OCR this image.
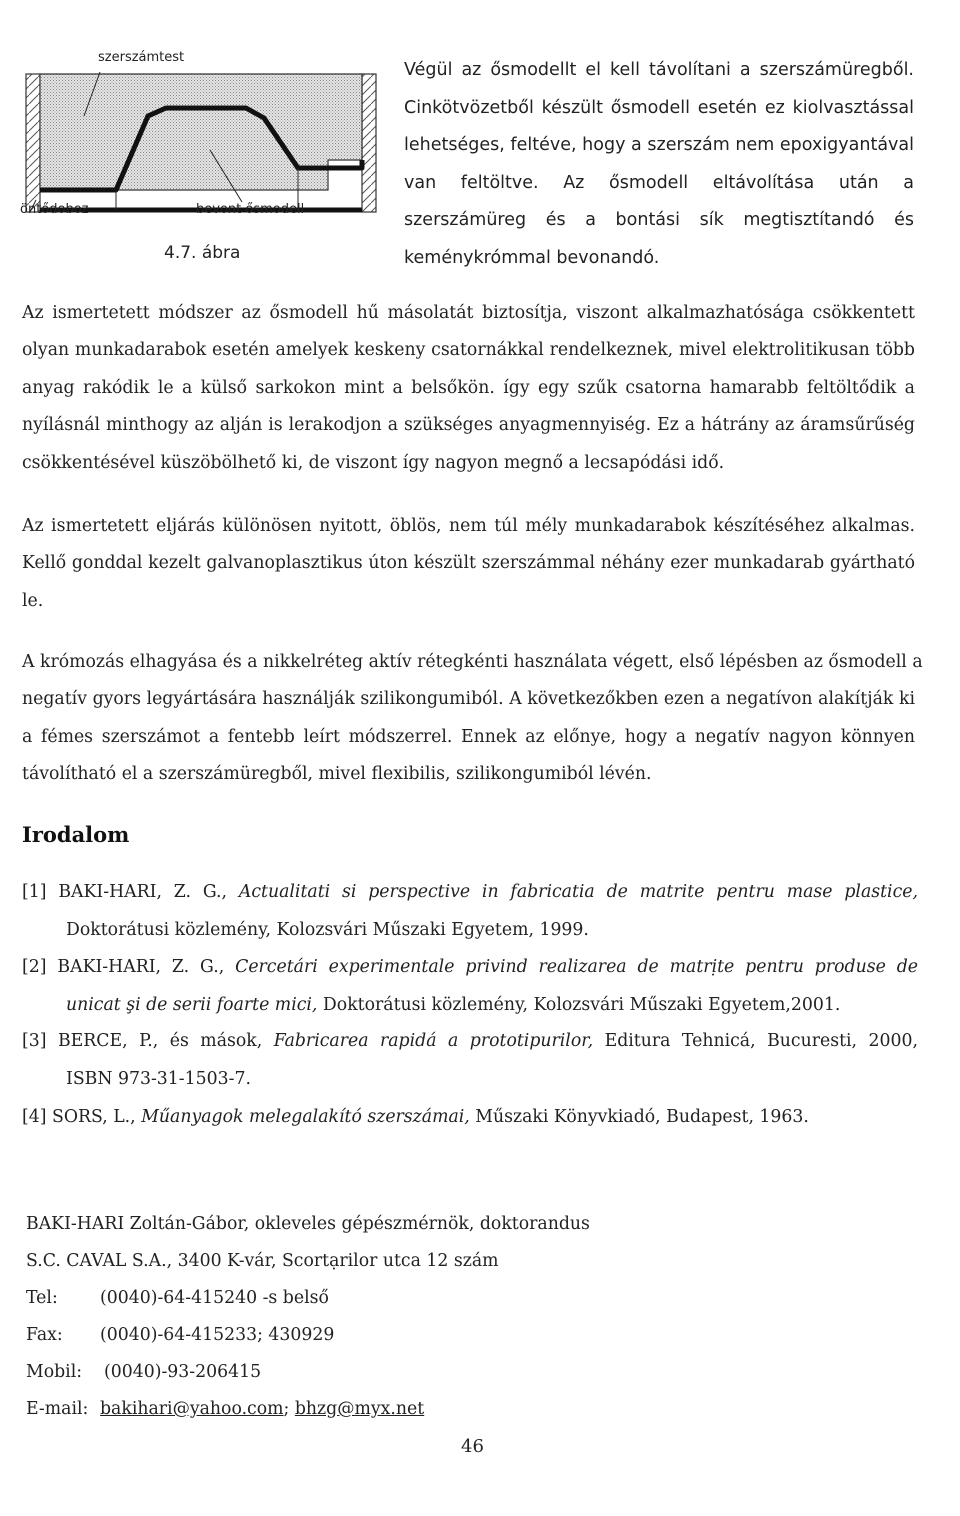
szerszámtest
öntődoboz	bevont ősmodell
4.7. ábra
Végül az ősmodellt el kell távolítani a szerszámüregből.
Cinkötvözetből készült ősmodell esetén ez kiolvasztással
lehetséges, feltéve, hogy a szerszám nem epoxigyantával
van feltöltve. Az ősmodell eltávolítása után a
szerszámüreg és a bontási sík megtisztítandó és
keménykrómmal bevonandó.
Az ismertetett módszer az ősmodell hű másolatát biztosítja, viszont alkalmazhatósága csökkentett
olyan munkadarabok esetén amelyek keskeny csatornákkal rendelkeznek, mivel elektrolitikusan több
anyag rakódik le a külső sarkokon mint a belsőkön. így egy szűk csatorna hamarabb feltöltődik a
nyílásnál minthogy az alján is lerakodjon a szükséges anyagmennyiség. Ez a hátrány az áramsűrűség
csökkentésével küszöbölhető ki, de viszont így nagyon megnő a lecsapódási idő.
Az ismertetett eljárás különösen nyitott, öblös, nem túl mély munkadarabok készítéséhez alkalmas.
Kellő gonddal kezelt galvanoplasztikus úton készült szerszámmal néhány ezer munkadarab gyártható
le.
A krómozás elhagyása és a nikkelréteg aktív rétegkénti használata végett, első lépésben az ősmodell a
negatív gyors legyártására használják szilikongumiból. A következőkben ezen a negatívon alakítják ki
a fémes szerszámot a fentebb leírt módszerrel. Ennek az előnye, hogy a negatív nagyon könnyen
távolítható el a szerszámüregből, mivel flexibilis, szilikongumiból lévén.
Irodalom
[1] BAKI-HARI, Z. G., Actualitati si perspective in fabricatia de matrite pentru mase plastice,
Doktorátusi közlemény, Kolozsvári Műszaki Egyetem, 1999.
[2] BAKI-HARI, Z. G., Cercetári experimentale privind realizarea de matrịte pentru produse de
unicat şi de serii foarte mici, Doktorátusi közlemény, Kolozsvári Műszaki Egyetem,2001.
[3] BERCE, P., és mások, Fabricarea rapidá a prototipurilor, Editura Tehnicá, Bucuresti, 2000,
ISBN 973-31-1503-7.
[4] SORS, L., Műanyagok melegalakító szerszámai, Műszaki Könyvkiadó, Budapest, 1963.
BAKI-HARI Zoltán-Gábor, okleveles gépészmérnök, doktorandus
S.C. CAVAL S.A., 3400 K-vár, Scortạrilor utca 12 szám
Tel: (0040)-64-415240 -s belső
Fax: (0040)-64-415233; 430929
Mobil: (0040)-93-206415
E-mail: bakihari@yahoo.com; bhzg@myx.net
46
